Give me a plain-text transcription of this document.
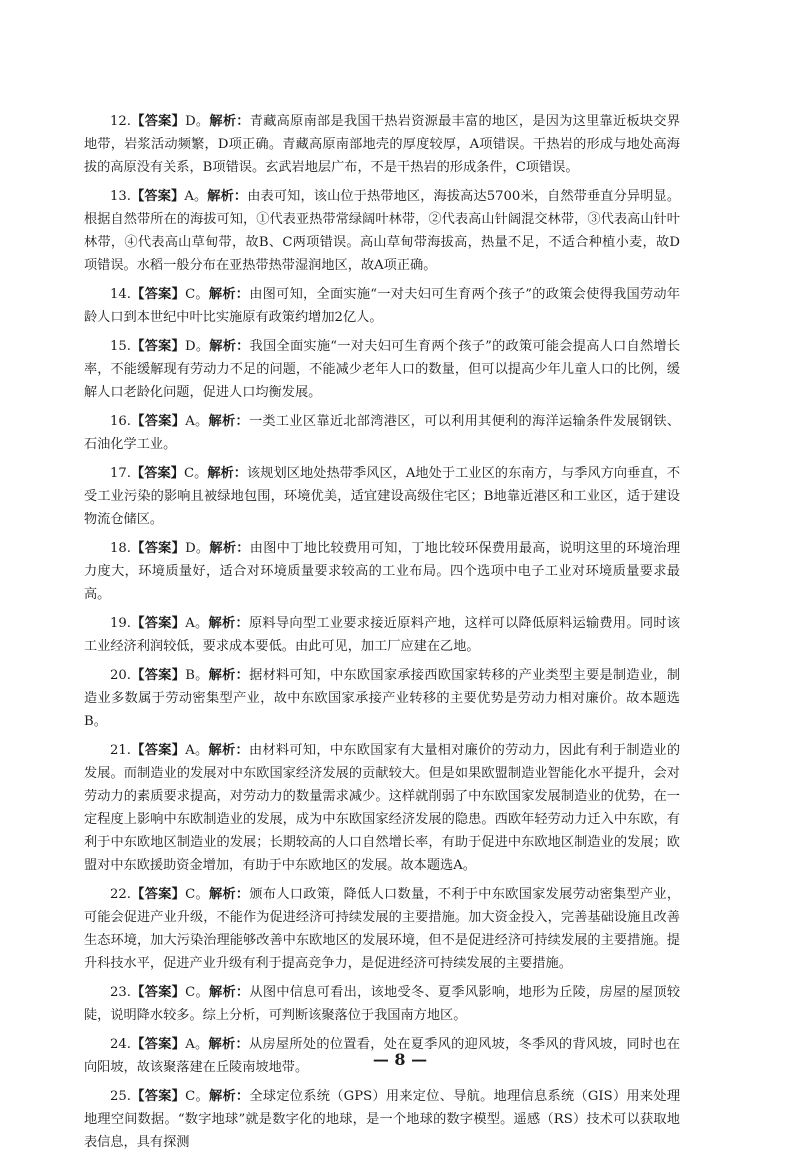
12.【答案】D。解析：青藏高原南部是我国干热岩资源最丰富的地区，是因为这里靠近板块交界地带，岩浆活动频繁，D项正确。青藏高原南部地壳的厚度较厚，A项错误。干热岩的形成与地处高海拔的高原没有关系，B项错误。玄武岩地层广布，不是干热岩的形成条件，C项错误。

13.【答案】A。解析：由表可知，该山位于热带地区，海拔高达5700米，自然带垂直分异明显。根据自然带所在的海拔可知，①代表亚热带常绿阔叶林带，②代表高山针阔混交林带，③代表高山针叶林带，④代表高山草甸带，故B、C两项错误。高山草甸带海拔高，热量不足，不适合种植小麦，故D项错误。水稻一般分布在亚热带热带湿润地区，故A项正确。

14.【答案】C。解析：由图可知，全面实施“一对夫妇可生育两个孩子”的政策会使得我国劳动年龄人口到本世纪中叶比实施原有政策约增加2亿人。

15.【答案】D。解析：我国全面实施“一对夫妇可生育两个孩子”的政策可能会提高人口自然增长率，不能缓解现有劳动力不足的问题，不能减少老年人口的数量，但可以提高少年儿童人口的比例，缓解人口老龄化问题，促进人口均衡发展。

16.【答案】A。解析：一类工业区靠近北部湾港区，可以利用其便利的海洋运输条件发展钢铁、石油化学工业。

17.【答案】C。解析：该规划区地处热带季风区，A地处于工业区的东南方，与季风方向垂直，不受工业污染的影响且被绿地包围，环境优美，适宜建设高级住宅区；B地靠近港区和工业区，适于建设物流仓储区。

18.【答案】D。解析：由图中丁地比较费用可知，丁地比较环保费用最高，说明这里的环境治理力度大，环境质量好，适合对环境质量要求较高的工业布局。四个选项中电子工业对环境质量要求最高。

19.【答案】A。解析：原料导向型工业要求接近原料产地，这样可以降低原料运输费用。同时该工业经济利润较低，要求成本要低。由此可见，加工厂应建在乙地。

20.【答案】B。解析：据材料可知，中东欧国家承接西欧国家转移的产业类型主要是制造业，制造业多数属于劳动密集型产业，故中东欧国家承接产业转移的主要优势是劳动力相对廉价。故本题选B。

21.【答案】A。解析：由材料可知，中东欧国家有大量相对廉价的劳动力，因此有利于制造业的发展。而制造业的发展对中东欧国家经济发展的贡献较大。但是如果欧盟制造业智能化水平提升，会对劳动力的素质要求提高，对劳动力的数量需求减少。这样就削弱了中东欧国家发展制造业的优势，在一定程度上影响中东欧制造业的发展，成为中东欧国家经济发展的隐患。西欧年轻劳动力迁入中东欧，有利于中东欧地区制造业的发展；长期较高的人口自然增长率，有助于促进中东欧地区制造业的发展；欧盟对中东欧援助资金增加，有助于中东欧地区的发展。故本题选A。

22.【答案】C。解析：颁布人口政策，降低人口数量，不利于中东欧国家发展劳动密集型产业，可能会促进产业升级，不能作为促进经济可持续发展的主要措施。加大资金投入，完善基础设施且改善生态环境，加大污染治理能够改善中东欧地区的发展环境，但不是促进经济可持续发展的主要措施。提升科技水平，促进产业升级有利于提高竞争力，是促进经济可持续发展的主要措施。

23.【答案】C。解析：从图中信息可看出，该地受冬、夏季风影响，地形为丘陵，房屋的屋顶较陡，说明降水较多。综上分析，可判断该聚落位于我国南方地区。

24.【答案】A。解析：从房屋所处的位置看，处在夏季风的迎风坡，冬季风的背风坡，同时也在向阳坡，故该聚落建在丘陵南坡地带。

25.【答案】C。解析：全球定位系统（GPS）用来定位、导航。地理信息系统（GIS）用来处理地理空间数据。“数字地球”就是数字化的地球，是一个地球的数字模型。遥感（RS）技术可以获取地表信息，具有探测

— 8 —
